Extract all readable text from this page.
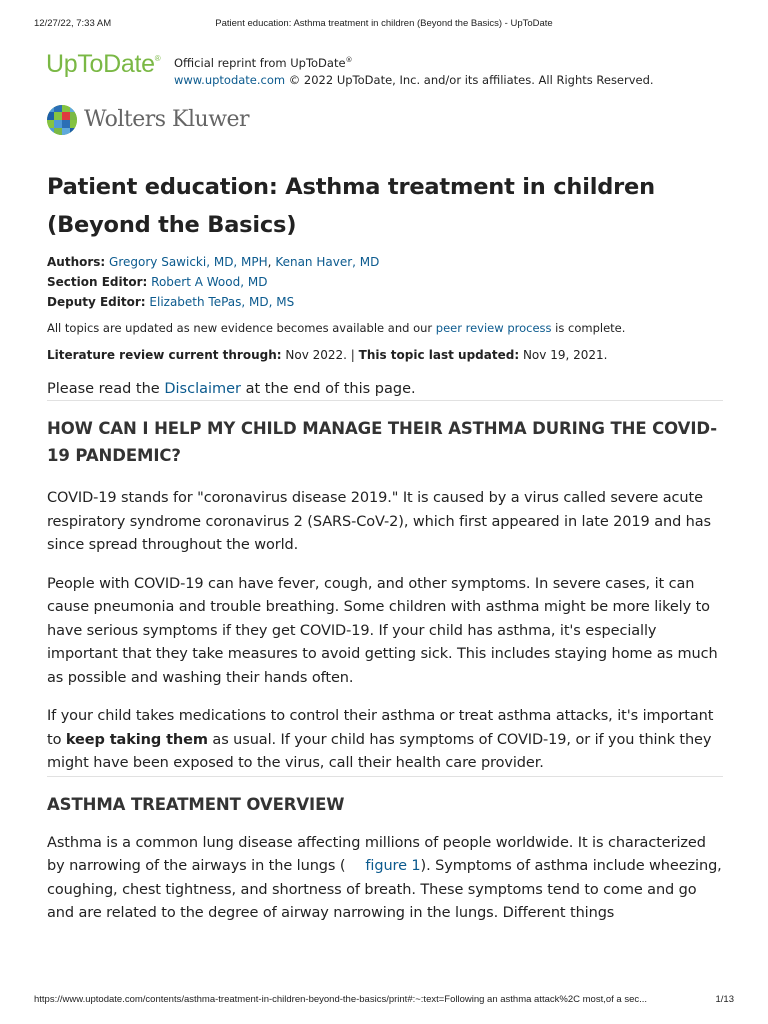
12/27/22, 7:33 AM	Patient education: Asthma treatment in children (Beyond the Basics) - UpToDate
UpToDate® Official reprint from UpToDate®
www.uptodate.com © 2022 UpToDate, Inc. and/or its affiliates. All Rights Reserved.
Wolters Kluwer
Patient education: Asthma treatment in children (Beyond the Basics)
Authors: Gregory Sawicki, MD, MPH, Kenan Haver, MD
Section Editor: Robert A Wood, MD
Deputy Editor: Elizabeth TePas, MD, MS
All topics are updated as new evidence becomes available and our peer review process is complete.
Literature review current through: Nov 2022. | This topic last updated: Nov 19, 2021.
Please read the Disclaimer at the end of this page.
HOW CAN I HELP MY CHILD MANAGE THEIR ASTHMA DURING THE COVID-19 PANDEMIC?

COVID-19 stands for "coronavirus disease 2019." It is caused by a virus called severe acute respiratory syndrome coronavirus 2 (SARS-CoV-2), which first appeared in late 2019 and has since spread throughout the world.

People with COVID-19 can have fever, cough, and other symptoms. In severe cases, it can cause pneumonia and trouble breathing. Some children with asthma might be more likely to have serious symptoms if they get COVID-19. If your child has asthma, it's especially important that they take measures to avoid getting sick. This includes staying home as much as possible and washing their hands often.

If your child takes medications to control their asthma or treat asthma attacks, it's important to keep taking them as usual. If your child has symptoms of COVID-19, or if you think they might have been exposed to the virus, call their health care provider.

ASTHMA TREATMENT OVERVIEW

Asthma is a common lung disease affecting millions of people worldwide. It is characterized by narrowing of the airways in the lungs ( figure 1). Symptoms of asthma include wheezing, coughing, chest tightness, and shortness of breath. These symptoms tend to come and go and are related to the degree of airway narrowing in the lungs. Different things

https://www.uptodate.com/contents/asthma-treatment-in-children-beyond-the-basics/print#:~:text=Following an asthma attack%2C most,of a sec...	1/13
